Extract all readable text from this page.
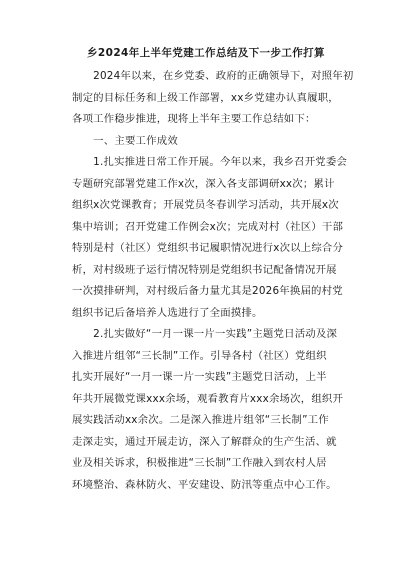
乡2024年上半年党建工作总结及下一步工作打算

　　2024年以来，在乡党委、政府的正确领导下，对照年初
制定的目标任务和上级工作部署，xx乡党建办认真履职，
各项工作稳步推进，现将上半年主要工作总结如下：

　　一、主要工作成效

　　1.扎实推进日常工作开展。今年以来，我乡召开党委会
专题研究部署党建工作x次，深入各支部调研xx次；累计
组织x次党课教育；开展党员冬春训学习活动，共开展x次
集中培训；召开党建工作例会x次；完成对村（社区）干部
特别是村（社区）党组织书记履职情况进行x次以上综合分
析，对村级班子运行情况特别是党组织书记配备情况开展
一次摸排研判，对村级后备力量尤其是2026年换届的村党
组织书记后备培养人选进行了全面摸排。

　　2.扎实做好“一月一课一片一实践”主题党日活动及深
入推进片组邻“三长制”工作。引导各村（社区）党组织
扎实开展好“一月一课一片一实践”主题党日活动，上半
年共开展微党课xxx余场，观看教育片xxx余场次，组织开
展实践活动xx余次。二是深入推进片组邻“三长制”工作
走深走实，通过开展走访，深入了解群众的生产生活、就
业及相关诉求，积极推进“三长制”工作融入到农村人居
环境整治、森林防火、平安建设、防汛等重点中心工作。
